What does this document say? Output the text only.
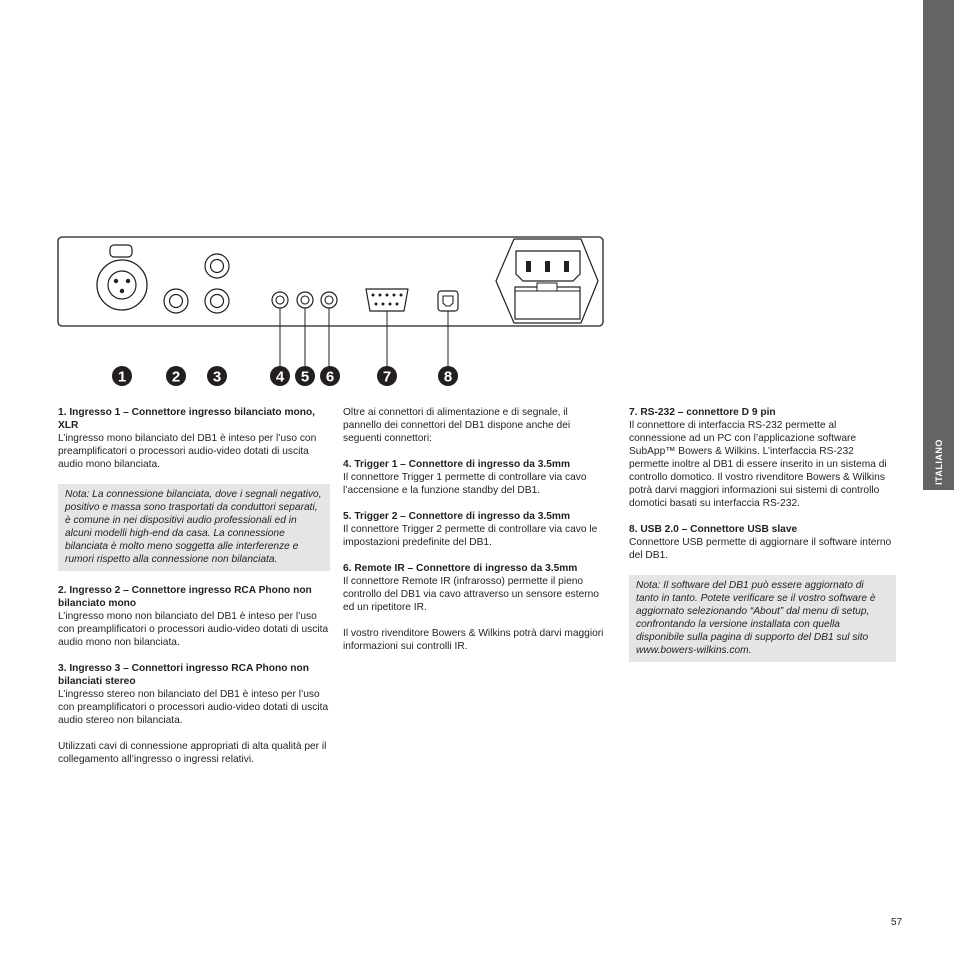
ITALIANO
1	2 3	4 5 6	7	8
1. Ingresso 1 – Connettore ingresso bilanciato mono, XLR

L’ingresso mono bilanciato del DB1 è inteso per l’uso con preamplificatori o processori audio-video dotati di uscita audio mono bilanciata.

Nota: La connessione bilanciata, dove i segnali negativo, positivo e massa sono trasportati da conduttori separati, è comune in nei dispositivi audio professionali ed in alcuni modelli high-end da casa. La connessione bilanciata è molto meno soggetta alle interferenze e rumori rispetto alla connessione non bilanciata.
2. Ingresso 2 – Connettore ingresso RCA Phono non bilanciato mono

L’ingresso mono non bilanciato del DB1 è inteso per l’uso con preamplificatori o processori audio-video dotati di uscita audio mono non bilanciata.

3. Ingresso 3 – Connettori ingresso RCA Phono non bilanciati stereo

L’ingresso stereo non bilanciato del DB1 è inteso per l’uso con preamplificatori o processori audio-video dotati di uscita audio stereo non bilanciata.

Utilizzati cavi di connessione appropriati di alta qualità per il collegamento all’ingresso o ingressi relativi.

Oltre ai connettori di alimentazione e di segnale, il pannello dei connettori del DB1 dispone anche dei seguenti connettori:

4. Trigger 1 – Connettore di ingresso da 3.5mm

Il connettore Trigger 1 permette di controllare via cavo l’accensione e la funzione standby del DB1.

5. Trigger 2 – Connettore di ingresso da 3.5mm

Il connettore Trigger 2 permette di controllare via cavo le impostazioni predefinite del DB1.

6. Remote IR – Connettore di ingresso da 3.5mm

Il connettore Remote IR (infrarosso) permette il pieno controllo del DB1 via cavo attraverso un sensore esterno ed un ripetitore IR.

Il vostro rivenditore Bowers & Wilkins potrà darvi maggiori informazioni sui controlli IR.

7. RS-232 – connettore D 9 pin

Il connettore di interfaccia RS-232 permette al connessione ad un PC con l’applicazione software SubApp™ Bowers & Wilkins. L’interfaccia RS-232 permette inoltre al DB1 di essere inserito in un sistema di controllo domotico. Il vostro rivenditore Bowers & Wilkins potrà darvi maggiori informazioni sui sistemi di controllo domotici basati su interfaccia RS-232.

8. USB 2.0 – Connettore USB slave

Connettore USB permette di aggiornare il software interno del DB1.

Nota: Il software del DB1 può essere aggiornato di tanto in tanto. Potete verificare se il vostro software è aggiornato selezionando “About” dal menu di setup, confrontando la versione installata con quella disponibile sulla pagina di supporto del DB1 sul sito www.bowers-wilkins.com.
57
